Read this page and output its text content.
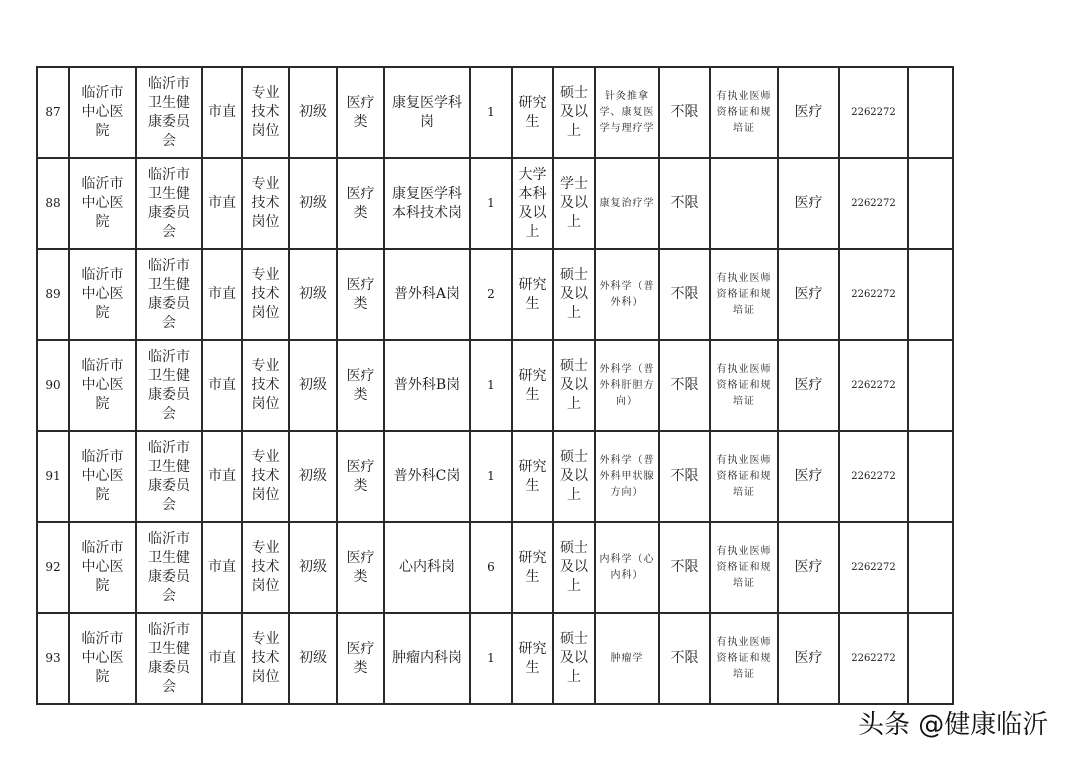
87	临沂市中心医院	临沂市卫生健康委员会	市直	专业技术岗位	初级	医疗类	康复医学科岗	1	研究生	硕士及以上	针灸推拿学、康复医学与理疗学	不限	有执业医师资格证和规培证	医疗	2262272	
88	临沂市中心医院	临沂市卫生健康委员会	市直	专业技术岗位	初级	医疗类	康复医学科本科技术岗	1	大学本科及以上	学士及以上	康复治疗学	不限		医疗	2262272	
89	临沂市中心医院	临沂市卫生健康委员会	市直	专业技术岗位	初级	医疗类	普外科A岗	2	研究生	硕士及以上	外科学（普外科）	不限	有执业医师资格证和规培证	医疗	2262272	
90	临沂市中心医院	临沂市卫生健康委员会	市直	专业技术岗位	初级	医疗类	普外科B岗	1	研究生	硕士及以上	外科学（普外科肝胆方向）	不限	有执业医师资格证和规培证	医疗	2262272	
91	临沂市中心医院	临沂市卫生健康委员会	市直	专业技术岗位	初级	医疗类	普外科C岗	1	研究生	硕士及以上	外科学（普外科甲状腺方向）	不限	有执业医师资格证和规培证	医疗	2262272	
92	临沂市中心医院	临沂市卫生健康委员会	市直	专业技术岗位	初级	医疗类	心内科岗	6	研究生	硕士及以上	内科学（心内科）	不限	有执业医师资格证和规培证	医疗	2262272	
93	临沂市中心医院	临沂市卫生健康委员会	市直	专业技术岗位	初级	医疗类	肿瘤内科岗	1	研究生	硕士及以上	肿瘤学	不限	有执业医师资格证和规培证	医疗	2262272	
头条 @健康临沂
